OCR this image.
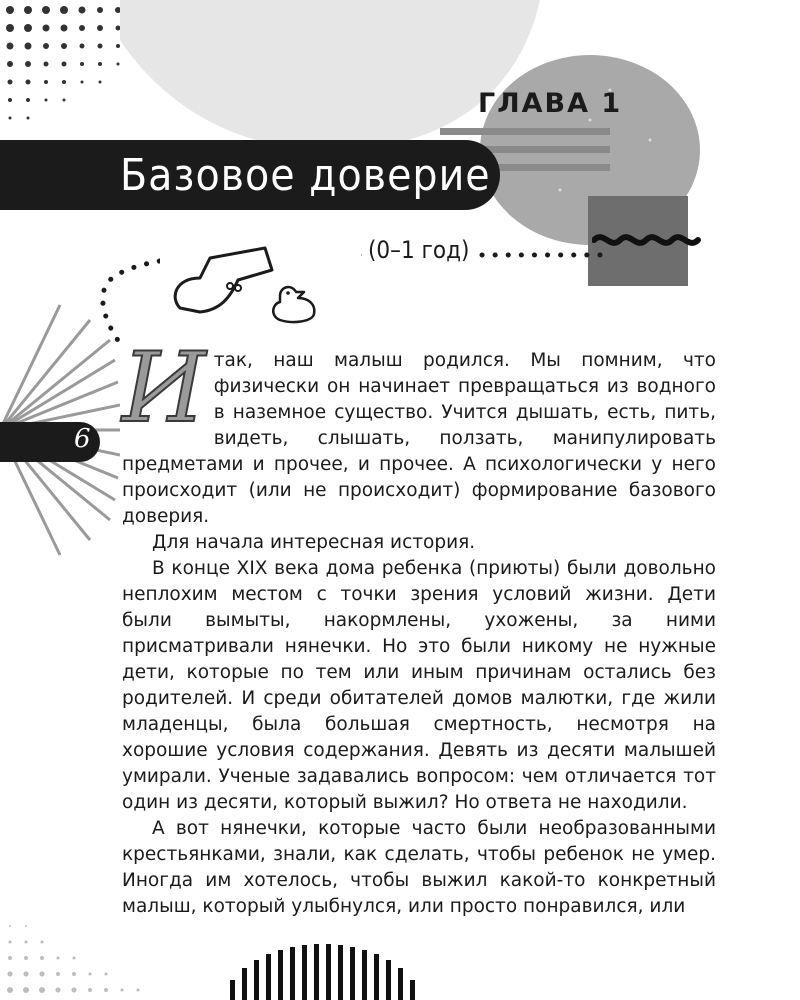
Базовое доверие
ГЛАВА 1
(0–1 год)
6 Итак, наш малыш родился. Мы помним, что физически он начинает превращаться из водного в наземное существо. Учится дышать, есть, пить, видеть, слышать, ползать, манипулировать предметами и прочее, и прочее. А психологически у него происходит (или не происходит) формирование базового доверия.

Для начала интересная история.

В конце XIX века дома ребенка (приюты) были довольно неплохим местом с точки зрения условий жизни. Дети были вымыты, накормлены, ухожены, за ними присматривали нянечки. Но это были никому не нужные дети, которые по тем или иным причинам остались без родителей. И среди обитателей домов малютки, где жили младенцы, была большая смертность, несмотря на хорошие условия содержания. Девять из десяти малышей умирали. Ученые задавались вопросом: чем отличается тот один из десяти, который выжил? Но ответа не находили.

А вот нянечки, которые часто были необразованными крестьянками, знали, как сделать, чтобы ребенок не умер. Иногда им хотелось, чтобы выжил какой-то конкретный малыш, который улыбнулся, или просто понравился, или
